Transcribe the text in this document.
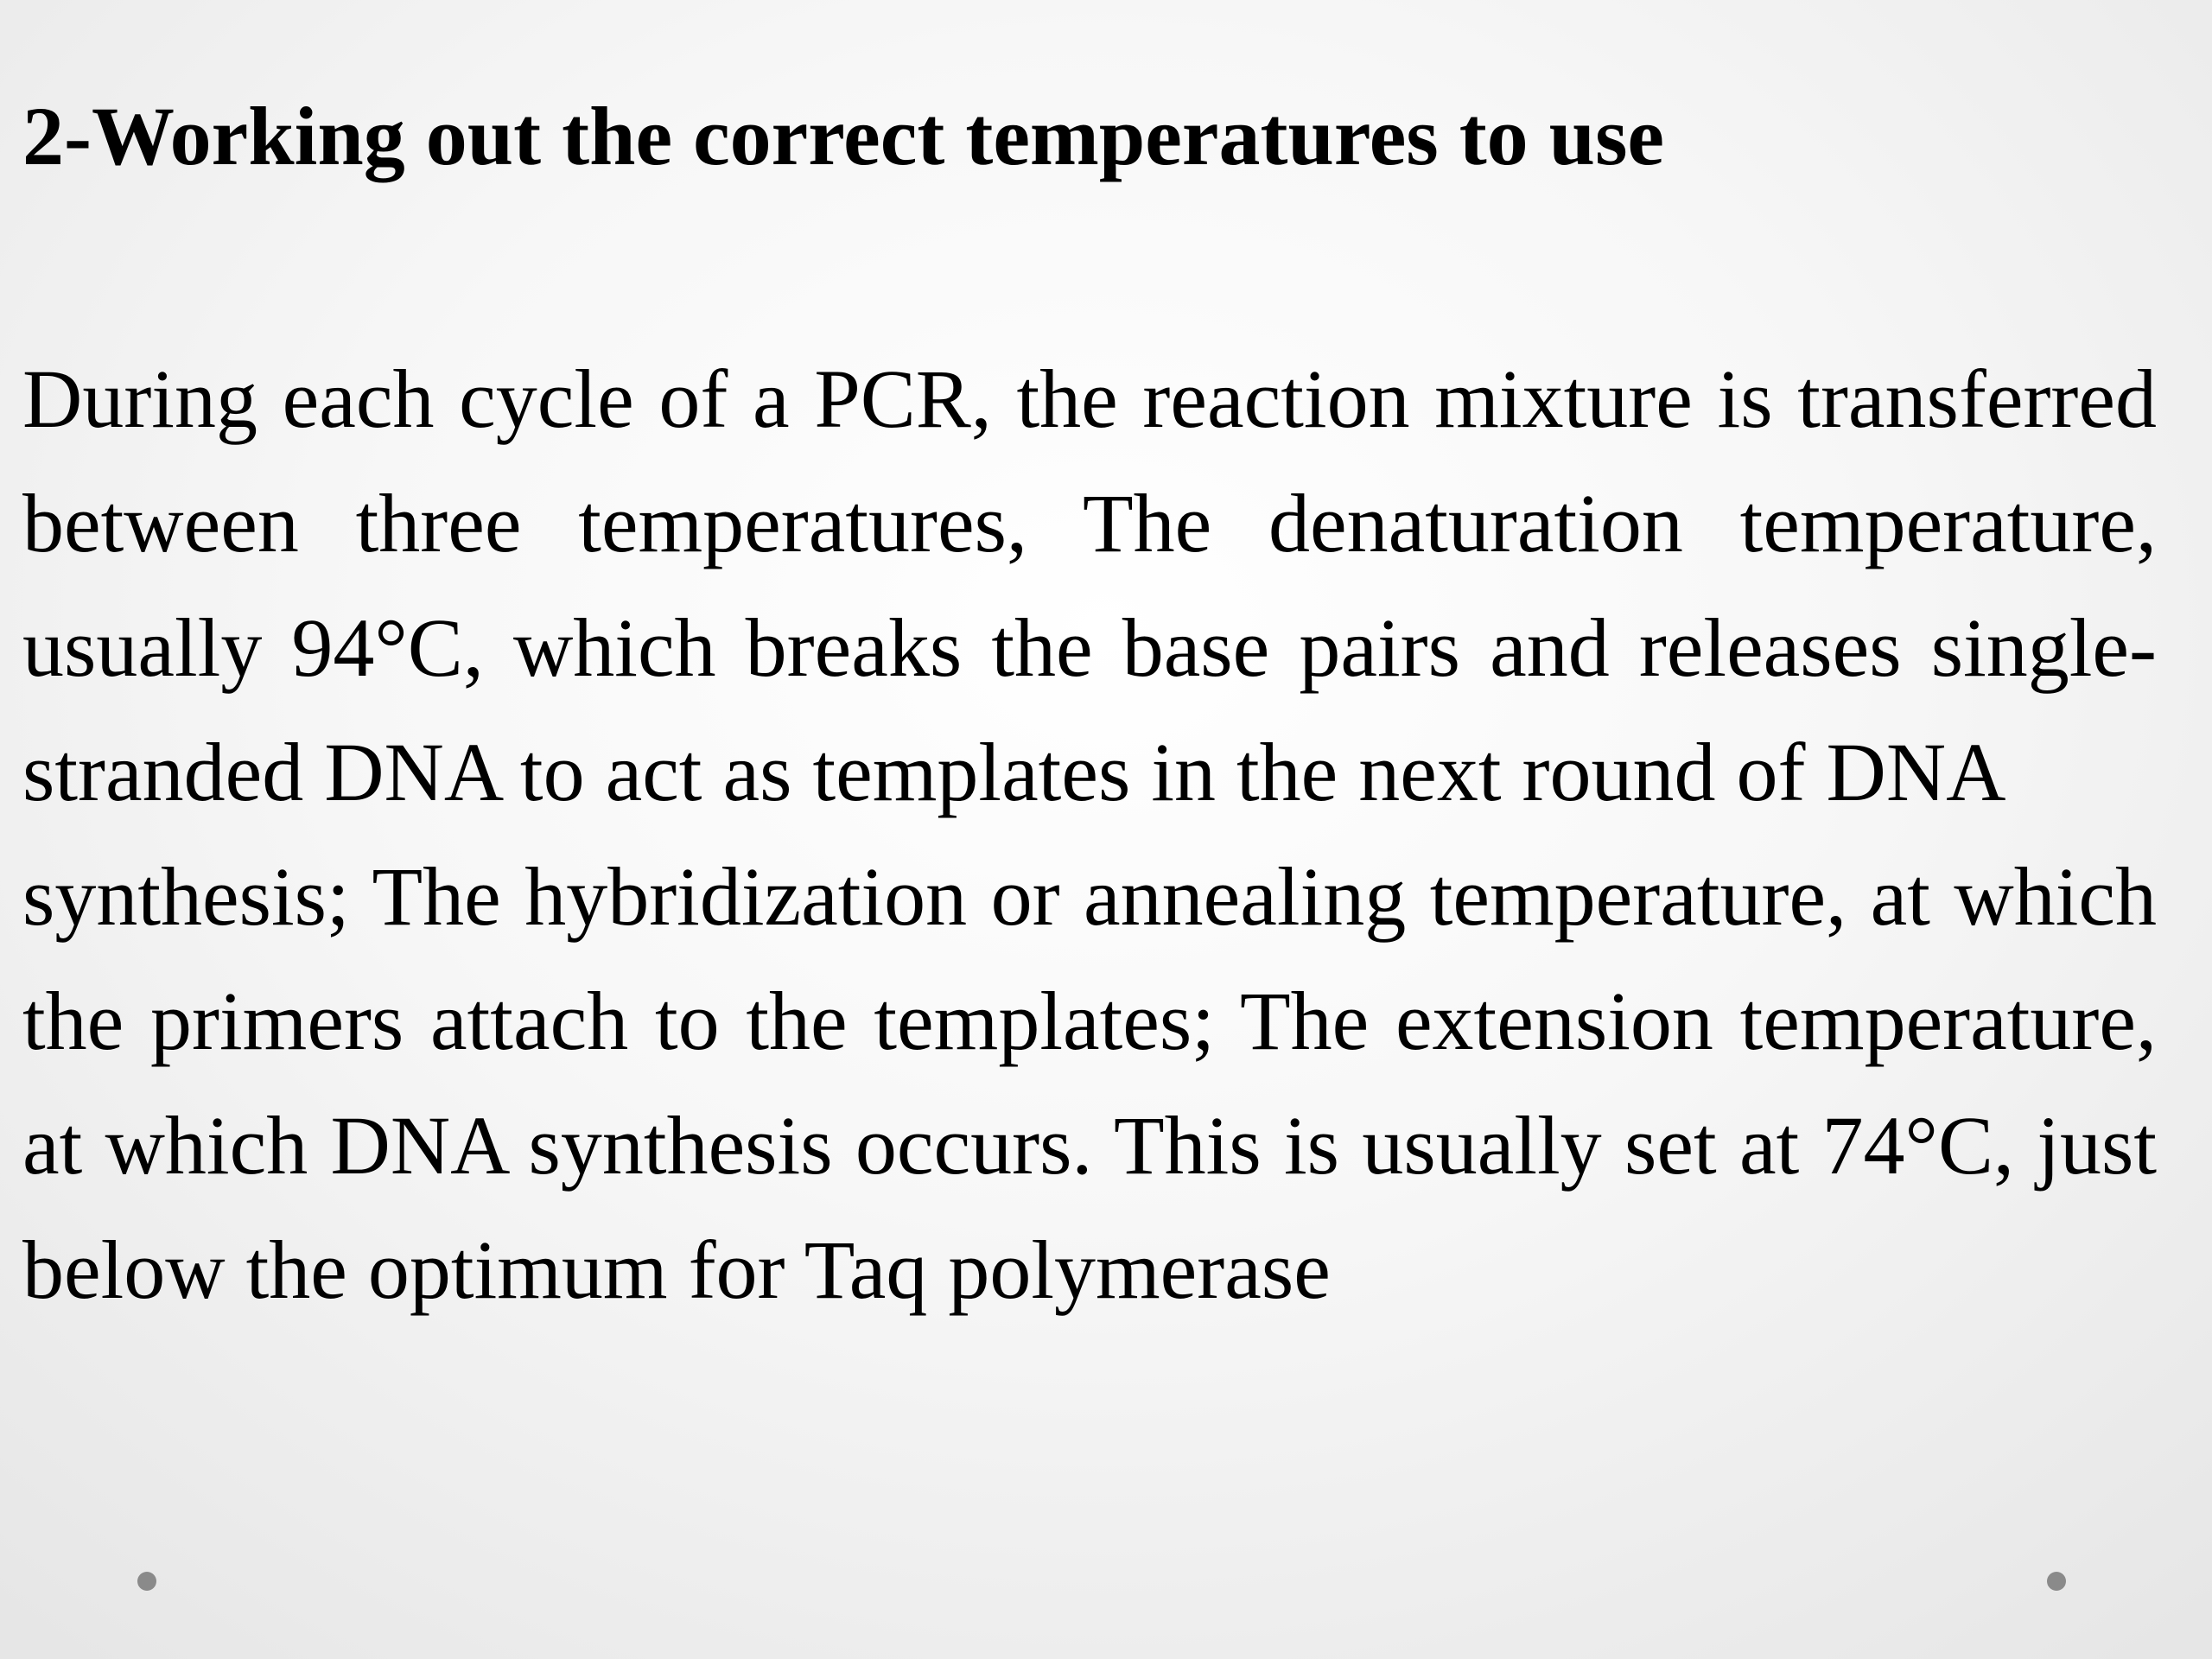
2-Working out the correct temperatures to use

During each cycle of a PCR, the reaction mixture is transferred between three temperatures, The denaturation temperature, usually 94°C, which breaks the base pairs and releases single-stranded DNA to act as templates in the next round of DNA

synthesis; The hybridization or annealing temperature, at which the primers attach to the templates; The extension temperature, at which DNA synthesis occurs. This is usually set at 74°C, just below the optimum for Taq polymerase
